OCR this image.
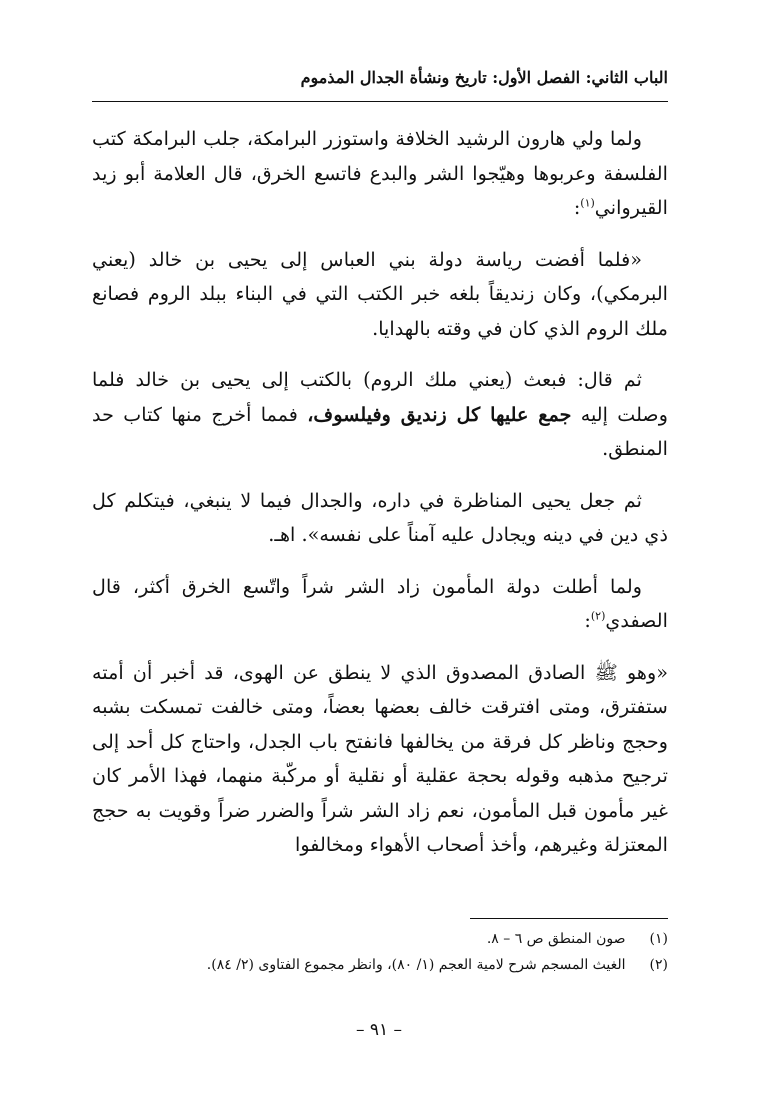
الباب الثاني: الفصل الأول: تاريخ ونشأة الجدال المذموم

ولما ولي هارون الرشيد الخلافة واستوزر البرامكة، جلب البرامكة كتب الفلسفة وعربوها وهيّجوا الشر والبدع فاتسع الخرق، قال العلامة أبو زيد القيرواني$^{(١)}$:

«فلما أفضت رياسة دولة بني العباس إلى يحيى بن خالد (يعني البرمكي)، وكان زنديقاً بلغه خبر الكتب التي في البناء ببلد الروم فصانع ملك الروم الذي كان في وقته بالهدايا.

ثم قال: فبعث (يعني ملك الروم) بالكتب إلى يحيى بن خالد فلما وصلت إليه جمع عليها كل زنديق وفيلسوف، فمما أخرج منها كتاب حد المنطق.

ثم جعل يحيى المناظرة في داره، والجدال فيما لا ينبغي، فيتكلم كل ذي دين في دينه ويجادل عليه آمناً على نفسه». اهـ.

ولما أطلت دولة المأمون زاد الشر شراً واتّسع الخرق أكثر، قال الصفدي$^{(٢)}$:

«وهو ﷺ الصادق المصدوق الذي لا ينطق عن الهوى، قد أخبر أن أمته ستفترق، ومتى افترقت خالف بعضها بعضاً، ومتى خالفت تمسكت بشبه وحجج وناظر كل فرقة من يخالفها فانفتح باب الجدل، واحتاج كل أحد إلى ترجيح مذهبه وقوله بحجة عقلية أو نقلية أو مركّبة منهما، فهذا الأمر كان غير مأمون قبل المأمون، نعم زاد الشر شراً والضرر ضراً وقويت به حجج المعتزلة وغيرهم، وأخذ أصحاب الأهواء ومخالفوا

(١) صون المنطق ص ٦ – ٨.
(٢) الغيث المسجم شرح لامية العجم (١/ ٨٠)، وانظر مجموع الفتاوى (٢/ ٨٤).
– ٩١ –
